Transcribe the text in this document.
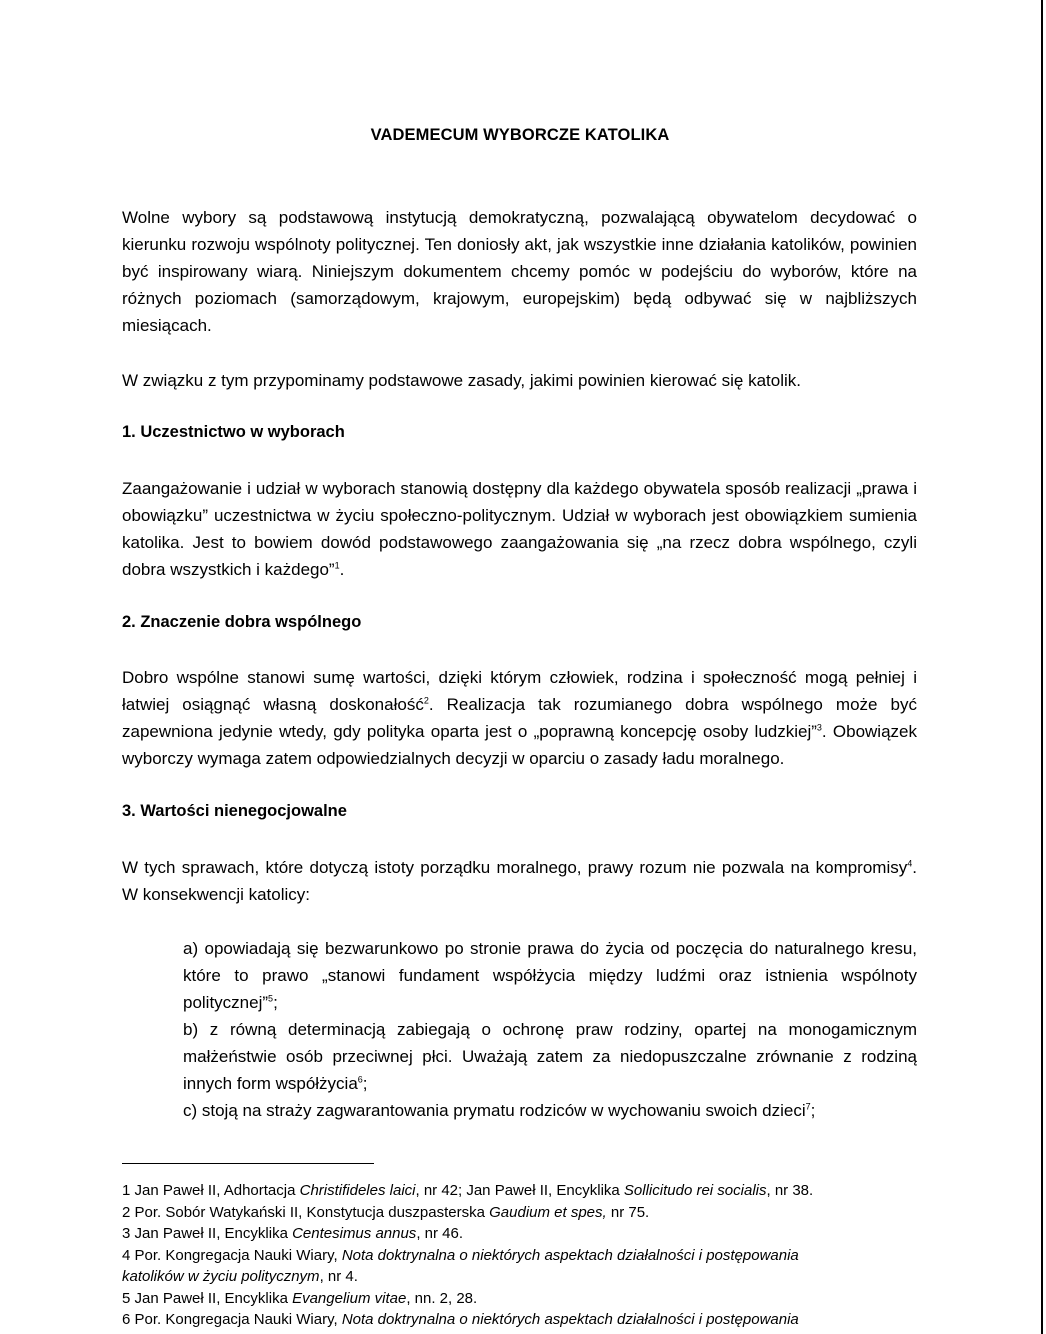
VADEMECUM WYBORCZE KATOLIKA

Wolne wybory są podstawową instytucją demokratyczną, pozwalającą obywatelom decydować o kierunku rozwoju wspólnoty politycznej. Ten doniosły akt, jak wszystkie inne działania katolików, powinien być inspirowany wiarą. Niniejszym dokumentem chcemy pomóc w podejściu do wyborów, które na różnych poziomach (samorządowym, krajowym, europejskim) będą odbywać się w najbliższych miesiącach.

W związku z tym przypominamy podstawowe zasady, jakimi powinien kierować się katolik.

1. Uczestnictwo w wyborach

Zaangażowanie i udział w wyborach stanowią dostępny dla każdego obywatela sposób realizacji „prawa i obowiązku” uczestnictwa w życiu społeczno-politycznym. Udział w wyborach jest obowiązkiem sumienia katolika. Jest to bowiem dowód podstawowego zaangażowania się „na rzecz dobra wspólnego, czyli dobra wszystkich i każdego”$^1$.

2. Znaczenie dobra wspólnego

Dobro wspólne stanowi sumę wartości, dzięki którym człowiek, rodzina i społeczność mogą pełniej i łatwiej osiągnąć własną doskonałość$^2$. Realizacja tak rozumianego dobra wspólnego może być zapewniona jedynie wtedy, gdy polityka oparta jest o „poprawną koncepcję osoby ludzkiej”$^3$. Obowiązek wyborczy wymaga zatem odpowiedzialnych decyzji w oparciu o zasady ładu moralnego.

3. Wartości nienegocjowalne

W tych sprawach, które dotyczą istoty porządku moralnego, prawy rozum nie pozwala na kompromisy$^4$. W konsekwencji katolicy:

a) opowiadają się bezwarunkowo po stronie prawa do życia od poczęcia do naturalnego kresu, które to prawo „stanowi fundament współżycia między ludźmi oraz istnienia wspólnoty politycznej”$^5$;

b) z równą determinacją zabiegają o ochronę praw rodziny, opartej na monogamicznym małżeństwie osób przeciwnej płci. Uważają zatem za niedopuszczalne zrównanie z rodziną innych form współżycia$^6$;

c) stoją na straży zagwarantowania prymatu rodziców w wychowaniu swoich dzieci$^7$;

1 Jan Paweł II, Adhortacja Christifideles laici, nr 42; Jan Paweł II, Encyklika Sollicitudo rei socialis, nr 38.
2 Por. Sobór Watykański II, Konstytucja duszpasterska Gaudium et spes, nr 75.
3 Jan Paweł II, Encyklika Centesimus annus, nr 46.
4 Por. Kongregacja Nauki Wiary, Nota doktrynalna o niektórych aspektach działalności i postępowania
katolików w życiu politycznym, nr 4.
5 Jan Paweł II, Encyklika Evangelium vitae, nn. 2, 28.
6 Por. Kongregacja Nauki Wiary, Nota doktrynalna o niektórych aspektach działalności i postępowania
